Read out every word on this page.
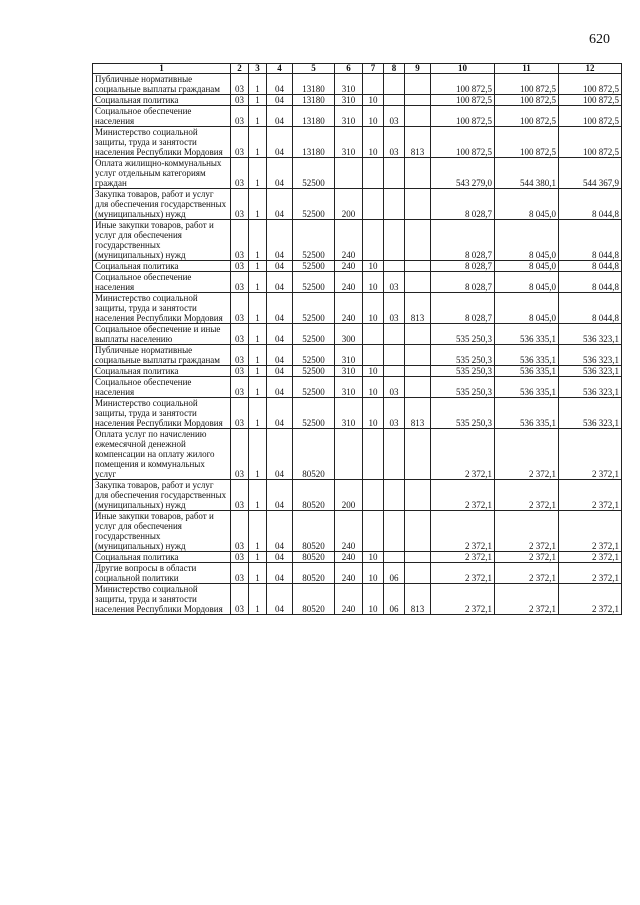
620
1	2	3	4	5	6	7	8	9	10	11	12
Публичные нормативные социальные выплаты гражданам	03	1	04	13180	310				100 872,5	100 872,5	100 872,5
Социальная политика	03	1	04	13180	310	10			100 872,5	100 872,5	100 872,5
Социальное обеспечение населения	03	1	04	13180	310	10	03		100 872,5	100 872,5	100 872,5
Министерство социальной защиты, труда и занятости населения Республики Мордовия	03	1	04	13180	310	10	03	813	100 872,5	100 872,5	100 872,5
Оплата жилищно-коммунальных услуг отдельным категориям граждан	03	1	04	52500					543 279,0	544 380,1	544 367,9
Закупка товаров, работ и услуг для обеспечения государственных (муниципальных) нужд	03	1	04	52500	200				8 028,7	8 045,0	8 044,8
Иные закупки товаров, работ и услуг для обеспечения государственных (муниципальных) нужд	03	1	04	52500	240				8 028,7	8 045,0	8 044,8
Социальная политика	03	1	04	52500	240	10			8 028,7	8 045,0	8 044,8
Социальное обеспечение населения	03	1	04	52500	240	10	03		8 028,7	8 045,0	8 044,8
Министерство социальной защиты, труда и занятости населения Республики Мордовия	03	1	04	52500	240	10	03	813	8 028,7	8 045,0	8 044,8
Социальное обеспечение и иные выплаты населению	03	1	04	52500	300				535 250,3	536 335,1	536 323,1
Публичные нормативные социальные выплаты гражданам	03	1	04	52500	310				535 250,3	536 335,1	536 323,1
Социальная политика	03	1	04	52500	310	10			535 250,3	536 335,1	536 323,1
Социальное обеспечение населения	03	1	04	52500	310	10	03		535 250,3	536 335,1	536 323,1
Министерство социальной защиты, труда и занятости населения Республики Мордовия	03	1	04	52500	310	10	03	813	535 250,3	536 335,1	536 323,1
Оплата услуг по начислению ежемесячной денежной компенсации на оплату жилого помещения и коммунальных услуг	03	1	04	80520					2 372,1	2 372,1	2 372,1
Закупка товаров, работ и услуг для обеспечения государственных (муниципальных) нужд	03	1	04	80520	200				2 372,1	2 372,1	2 372,1
Иные закупки товаров, работ и услуг для обеспечения государственных (муниципальных) нужд	03	1	04	80520	240				2 372,1	2 372,1	2 372,1
Социальная политика	03	1	04	80520	240	10			2 372,1	2 372,1	2 372,1
Другие вопросы в области социальной политики	03	1	04	80520	240	10	06		2 372,1	2 372,1	2 372,1
Министерство социальной защиты, труда и занятости населения Республики Мордовия	03	1	04	80520	240	10	06	813	2 372,1	2 372,1	2 372,1
